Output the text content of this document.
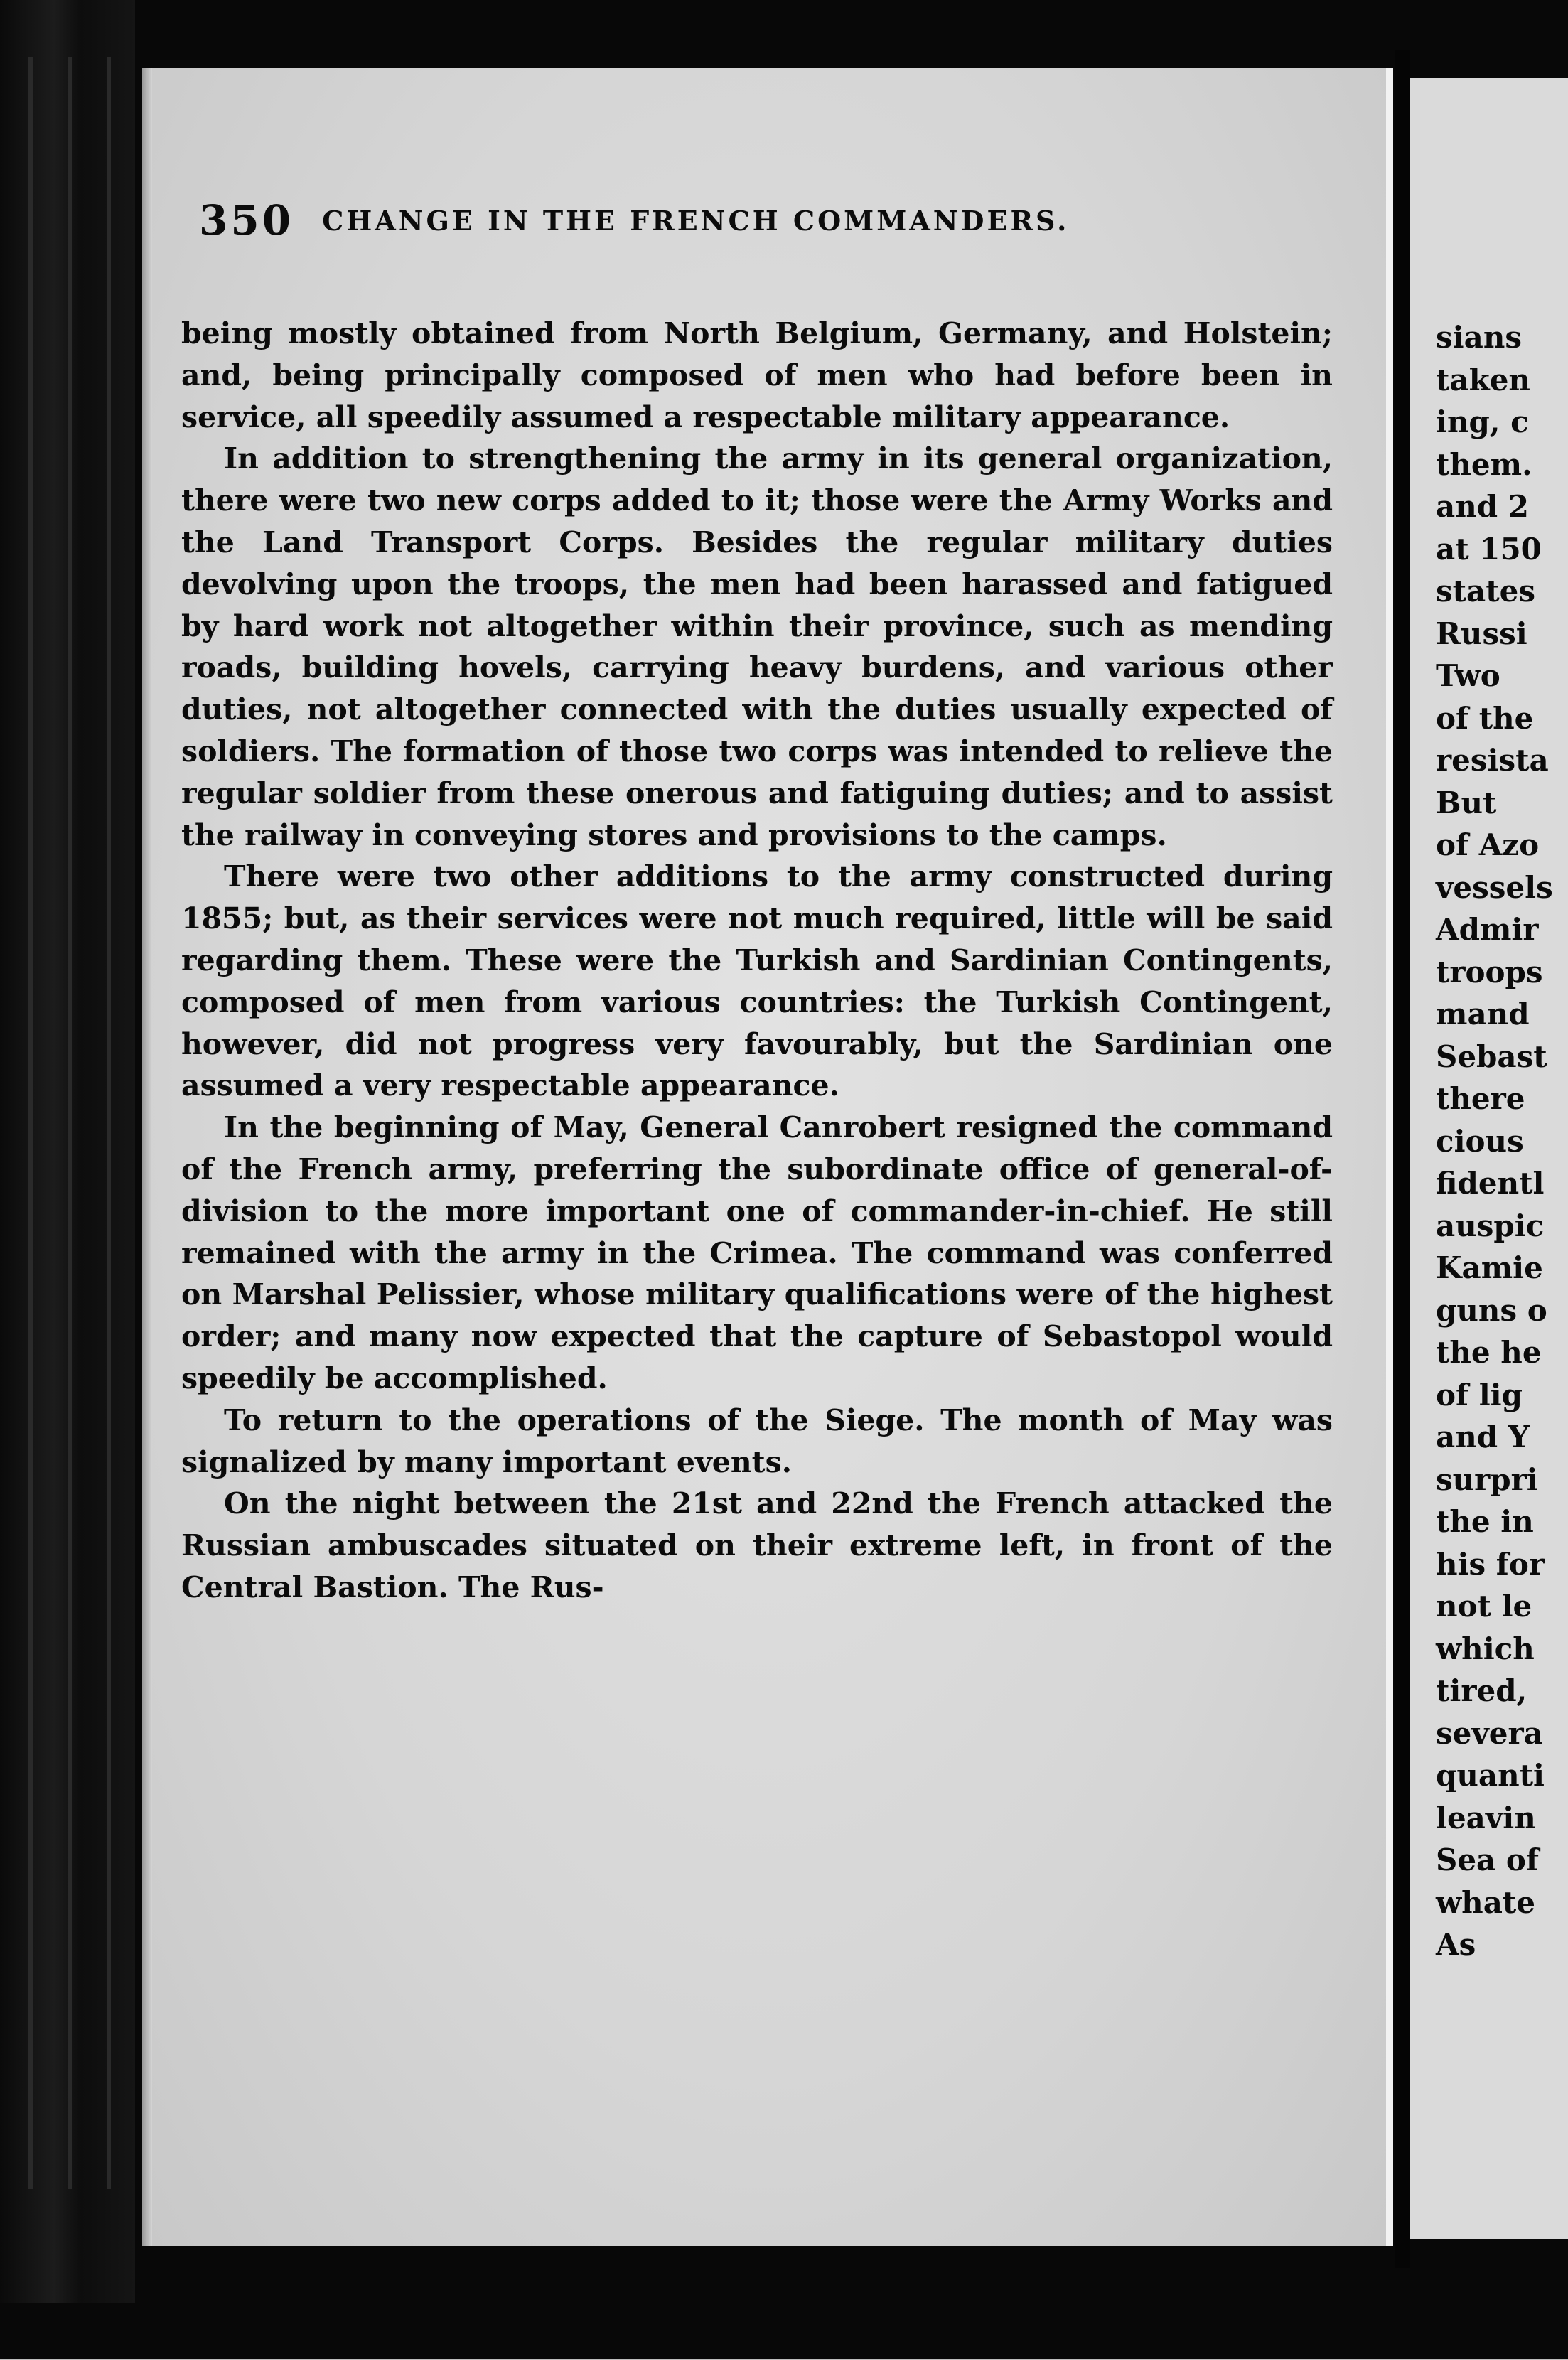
350 CHANGE IN THE FRENCH COMMANDERS.

being mostly obtained from North Belgium, Germany, and Holstein; and, being principally composed of men who had before been in service, all speedily assumed a respectable military appearance.

In addition to strengthening the army in its general organization, there were two new corps added to it; those were the Army Works and the Land Transport Corps. Besides the regular military duties devolving upon the troops, the men had been harassed and fatigued by hard work not altogether within their province, such as mending roads, building hovels, carrying heavy burdens, and various other duties, not altogether connected with the duties usually expected of soldiers. The formation of those two corps was intended to relieve the regular soldier from these onerous and fatiguing duties; and to assist the railway in conveying stores and provisions to the camps.

There were two other additions to the army constructed during 1855; but, as their services were not much required, little will be said regarding them. These were the Turkish and Sardinian Contingents, composed of men from various countries: the Turkish Contingent, however, did not progress very favourably, but the Sardinian one assumed a very respectable appearance.

In the beginning of May, General Canrobert resigned the command of the French army, preferring the subordinate office of general-of-division to the more important one of commander-in-chief. He still remained with the army in the Crimea. The command was conferred on Marshal Pelissier, whose military qualifications were of the highest order; and many now expected that the capture of Sebastopol would speedily be accomplished.

To return to the operations of the Siege. The month of May was signalized by many important events.

On the night between the 21st and 22nd the French attacked the Russian ambuscades situated on their extreme left, in front of the Central Bastion. The Rus-

sians
taken
ing, c
them.
and 2
at 150
states
Russi
Two
of the
resista
But
of Azo
vessels
Admir
troops
mand
Sebast
there
cious
fidentl
auspic
Kamie
guns o
the he
of lig
and Y
surpri
the in
his for
not le
which
tired,
severa
quanti
leavin
Sea of
whate
As
